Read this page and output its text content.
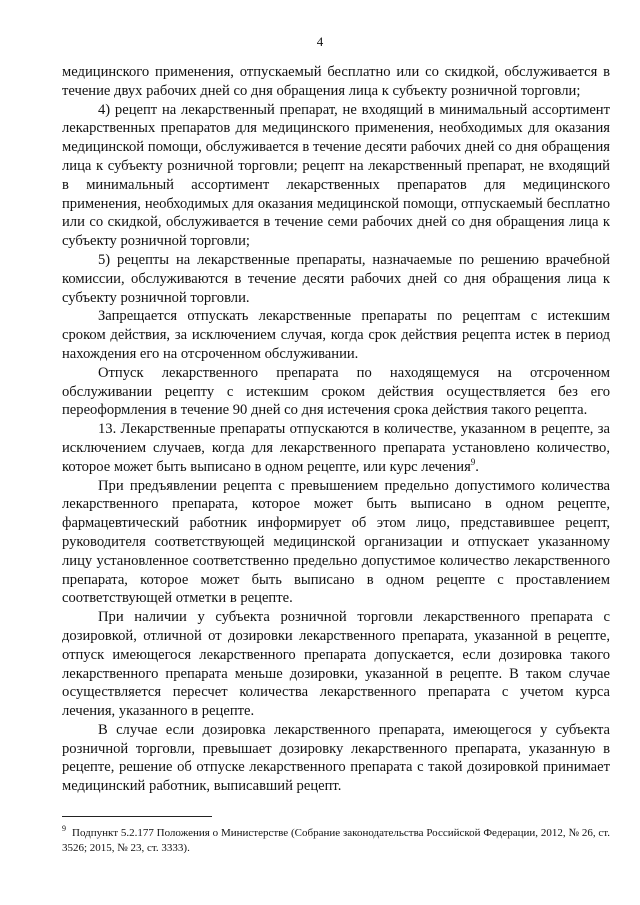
4

медицинского применения, отпускаемый бесплатно или со скидкой, обслуживается в течение двух рабочих дней со дня обращения лица к субъекту розничной торговли;

4) рецепт на лекарственный препарат, не входящий в минимальный ассортимент лекарственных препаратов для медицинского применения, необходимых для оказания медицинской помощи, обслуживается в течение десяти рабочих дней со дня обращения лица к субъекту розничной торговли; рецепт на лекарственный препарат, не входящий в минимальный ассортимент лекарственных препаратов для медицинского применения, необходимых для оказания медицинской помощи, отпускаемый бесплатно или со скидкой, обслуживается в течение семи рабочих дней со дня обращения лица к субъекту розничной торговли;

5) рецепты на лекарственные препараты, назначаемые по решению врачебной комиссии, обслуживаются в течение десяти рабочих дней со дня обращения лица к субъекту розничной торговли.

Запрещается отпускать лекарственные препараты по рецептам с истекшим сроком действия, за исключением случая, когда срок действия рецепта истек в период нахождения его на отсроченном обслуживании.

Отпуск лекарственного препарата по находящемуся на отсроченном обслуживании рецепту с истекшим сроком действия осуществляется без его переоформления в течение 90 дней со дня истечения срока действия такого рецепта.

13. Лекарственные препараты отпускаются в количестве, указанном в рецепте, за исключением случаев, когда для лекарственного препарата установлено количество, которое может быть выписано в одном рецепте, или курс лечения$^9$.

При предъявлении рецепта с превышением предельно допустимого количества лекарственного препарата, которое может быть выписано в одном рецепте, фармацевтический работник информирует об этом лицо, представившее рецепт, руководителя соответствующей медицинской организации и отпускает указанному лицу установленное соответственно предельно допустимое количество лекарственного препарата, которое может быть выписано в одном рецепте с проставлением соответствующей отметки в рецепте.

При наличии у субъекта розничной торговли лекарственного препарата с дозировкой, отличной от дозировки лекарственного препарата, указанной в рецепте, отпуск имеющегося лекарственного препарата допускается, если дозировка такого лекарственного препарата меньше дозировки, указанной в рецепте. В таком случае осуществляется пересчет количества лекарственного препарата с учетом курса лечения, указанного в рецепте.

В случае если дозировка лекарственного препарата, имеющегося у субъекта розничной торговли, превышает дозировку лекарственного препарата, указанную в рецепте, решение об отпуске лекарственного препарата с такой дозировкой принимает медицинский работник, выписавший рецепт.

$^9$ Подпункт 5.2.177 Положения о Министерстве (Собрание законодательства Российской Федерации, 2012, № 26, ст. 3526; 2015, № 23, ст. 3333).
